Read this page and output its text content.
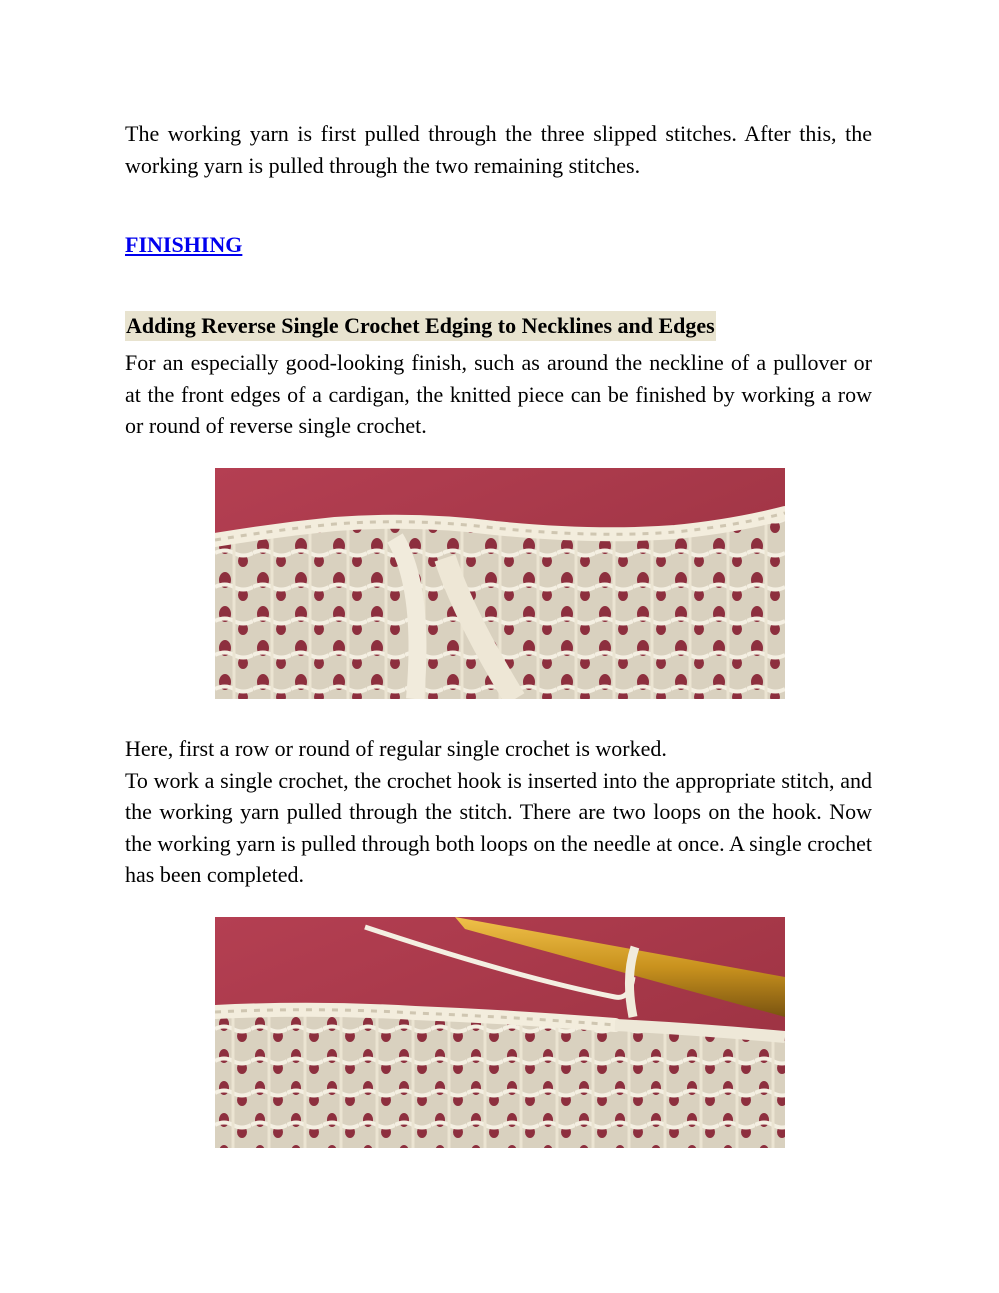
The working yarn is first pulled through the three slipped stitches. After this, the working yarn is pulled through the two remaining stitches.

FINISHING

Adding Reverse Single Crochet Edging to Necklines and Edges

For an especially good-looking finish, such as around the neckline of a pullover or at the front edges of a cardigan, the knitted piece can be finished by working a row or round of reverse single crochet.

Here, first a row or round of regular single crochet is worked.
To work a single crochet, the crochet hook is inserted into the appropriate stitch, and the working yarn pulled through the stitch. There are two loops on the hook. Now the working yarn is pulled through both loops on the needle at once. A single crochet has been completed.
